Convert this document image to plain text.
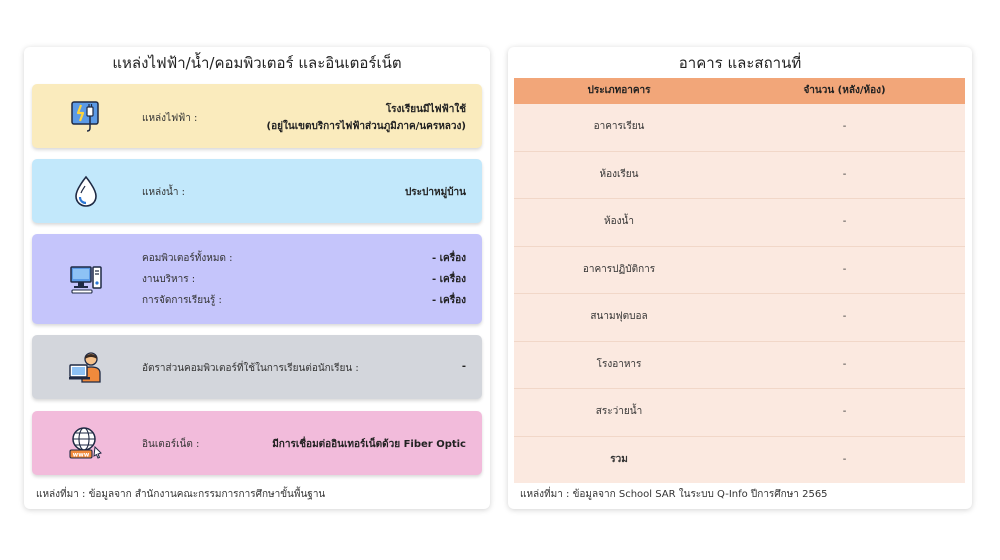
แหล่งไฟฟ้า/น้ำ/คอมพิวเตอร์ และอินเตอร์เน็ต
แหล่งไฟฟ้า :
โรงเรียนมีไฟฟ้าใช้
(อยู่ในเขตบริการไฟฟ้าส่วนภูมิภาค/นครหลวง)
แหล่งน้ำ :	ประปาหมู่บ้าน
คอมพิวเตอร์ทั้งหมด :	- เครื่อง
งานบริหาร :	- เครื่อง
การจัดการเรียนรู้ :	- เครื่อง
อัตราส่วนคอมพิวเตอร์ที่ใช้ในการเรียนต่อนักเรียน :	-
www
อินเตอร์เน็ต :	มีการเชื่อมต่ออินเทอร์เน็ตด้วย Fiber Optic
แหล่งที่มา : ข้อมูลจาก สำนักงานคณะกรรมการการศึกษาขั้นพื้นฐาน
อาคาร และสถานที่
ประเภทอาคาร	จำนวน (หลัง/ห้อง)
อาคารเรียน	-
ห้องเรียน	-
ห้องน้ำ	-
อาคารปฏิบัติการ	-
สนามฟุตบอล	-
โรงอาหาร	-
สระว่ายน้ำ	-
รวม	-
แหล่งที่มา : ข้อมูลจาก School SAR ในระบบ Q-Info ปีการศึกษา 2565
